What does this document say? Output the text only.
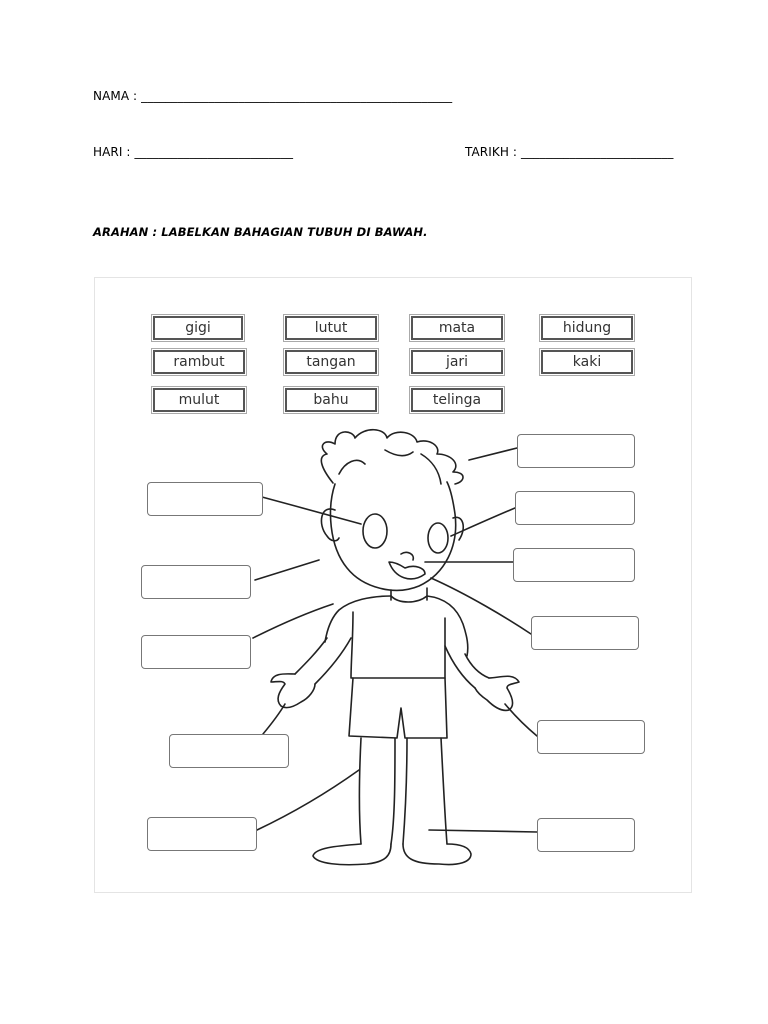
NAMA : ___________________________________________________
HARI : __________________________	TARIKH : _________________________
ARAHAN : LABELKAN BAHAGIAN TUBUH DI BAWAH.
gigi	lutut	mata	hidung
rambut	tangan	jari	kaki
mulut	bahu	telinga
